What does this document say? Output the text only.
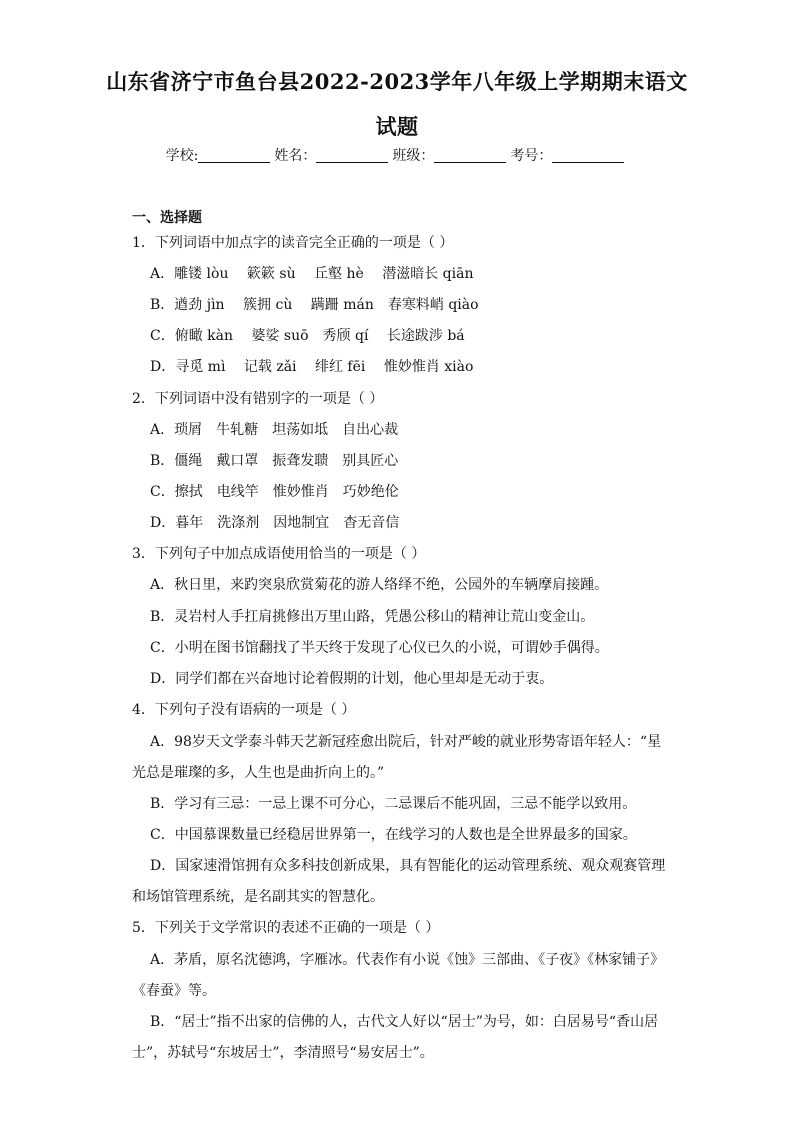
山东省济宁市鱼台县2022-2023学年八年级上学期期末语文
试题
学校:	姓名：	班级：	考号：
一、选择题
1．下列词语中加点字的读音完全正确的一项是（ ）
A．雕镂 lòu　 簌簌 sù　 丘壑 hè　 潜滋暗长 qiān
B．遒劲 jìn　 簇拥 cù　 蹒跚 mán　春寒料峭 qiào
C．俯瞰 kàn　 婆娑 suō　秀颀 qí　 长途跋涉 bá
D．寻觅 mì　 记载 zǎi　 绯红 fēi　 惟妙惟肖 xiào
2．下列词语中没有错别字的一项是（ ）
A．琐屑　牛轧糖　坦荡如坻　自出心裁
B．僵绳　戴口罩　振聋发聩　别具匠心
C．擦拭　电线竿　惟妙惟肖　巧妙绝伦
D．暮年　洗涤剂　因地制宜　杳无音信
3．下列句子中加点成语使用恰当的一项是（ ）
A．秋日里，来趵突泉欣赏菊花的游人络绎不绝，公园外的车辆摩肩接踵。
B．灵岩村人手扛肩挑修出万里山路，凭愚公移山的精神让荒山变金山。
C．小明在图书馆翻找了半天终于发现了心仪已久的小说，可谓妙手偶得。
D．同学们都在兴奋地讨论着假期的计划，他心里却是无动于衷。
4．下列句子没有语病的一项是（ ）
A．98岁天文学泰斗韩天艺新冠痊愈出院后，针对严峻的就业形势寄语年轻人：“星
光总是璀璨的多，人生也是曲折向上的。”
B．学习有三忌：一忌上课不可分心，二忌课后不能巩固，三忌不能学以致用。
C．中国慕课数量已经稳居世界第一，在线学习的人数也是全世界最多的国家。
D．国家速滑馆拥有众多科技创新成果，具有智能化的运动管理系统、观众观赛管理
和场馆管理系统，是名副其实的智慧化。
5．下列关于文学常识的表述不正确的一项是（ ）
A．茅盾，原名沈德鸿，字雁冰。代表作有小说《蚀》三部曲、《子夜》《林家铺子》
《春蚕》等。
B．“居士”指不出家的信佛的人，古代文人好以“居士”为号，如：白居易号“香山居
士”，苏轼号“东坡居士”，李清照号“易安居士”。
